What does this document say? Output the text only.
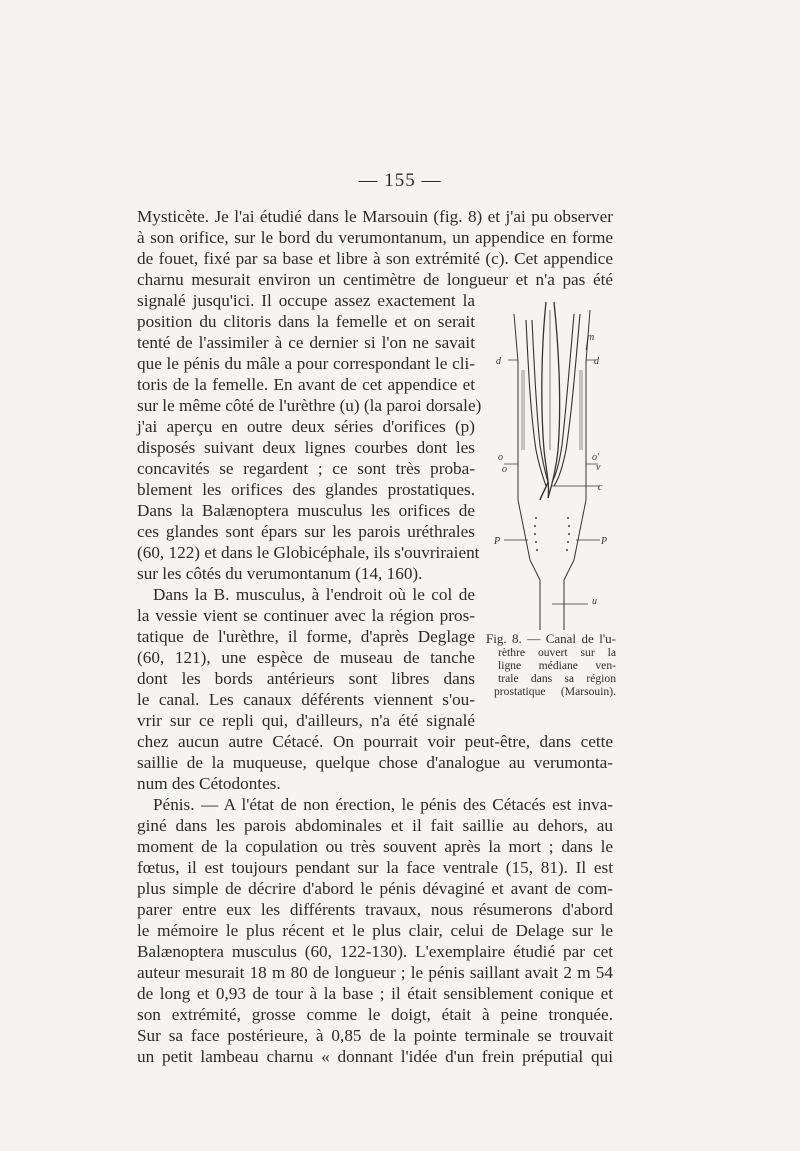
— 155 —
Mysticète. Je l'ai étudié dans le Marsouin (fig. 8) et j'ai pu observer
à son orifice, sur le bord du verumontanum, un appendice en forme
de fouet, fixé par sa base et libre à son extrémité (c). Cet appendice
charnu mesurait environ un centimètre de longueur et n'a pas été
signalé jusqu'ici. Il occupe assez exactement la
position du clitoris dans la femelle et on serait
tenté de l'assimiler à ce dernier si l'on ne savait
que le pénis du mâle a pour correspondant le cli-
toris de la femelle. En avant de cet appendice et
sur le même côté de l'urèthre (u) (la paroi dorsale)
j'ai aperçu en outre deux séries d'orifices (p)
disposés suivant deux lignes courbes dont les
concavités se regardent ; ce sont très proba-
blement les orifices des glandes prostatiques.
Dans la Balænoptera musculus les orifices de
ces glandes sont épars sur les parois uréthrales
(60, 122) et dans le Globicéphale, ils s'ouvriraient
sur les côtés du verumontanum (14, 160).
Dans la B. musculus, à l'endroit où le col de
la vessie vient se continuer avec la région pros-
tatique de l'urèthre, il forme, d'après Deglage
(60, 121), une espèce de museau de tanche
dont les bords antérieurs sont libres dans
le canal. Les canaux déférents viennent s'ou-
vrir sur ce repli qui, d'ailleurs, n'a été signalé
chez aucun autre Cétacé. On pourrait voir peut-être, dans cette
saillie de la muqueuse, quelque chose d'analogue au verumonta-
num des Cétodontes.
Pénis. — A l'état de non érection, le pénis des Cétacés est inva-
giné dans les parois abdominales et il fait saillie au dehors, au
moment de la copulation ou très souvent après la mort ; dans le
fœtus, il est toujours pendant sur la face ventrale (15, 81). Il est
plus simple de décrire d'abord le pénis dévaginé et avant de com-
parer entre eux les différents travaux, nous résumerons d'abord
le mémoire le plus récent et le plus clair, celui de Delage sur le
Balænoptera musculus (60, 122-130). L'exemplaire étudié par cet
auteur mesurait 18 m 80 de longueur ; le pénis saillant avait 2 m 54
de long et 0,93 de tour à la base ; il était sensiblement conique et
son extrémité, grosse comme le doigt, était à peine tronquée.
Sur sa face postérieure, à 0,85 de la pointe terminale se trouvait
un petit lambeau charnu « donnant l'idée d'un frein préputial qui
m
d	d
o
o
o'
v
c
P	P
u
Fig. 8. — Canal de l'u-
rèthre ouvert sur la
ligne médiane ven-
trale dans sa région
prostatique (Marsouin).
